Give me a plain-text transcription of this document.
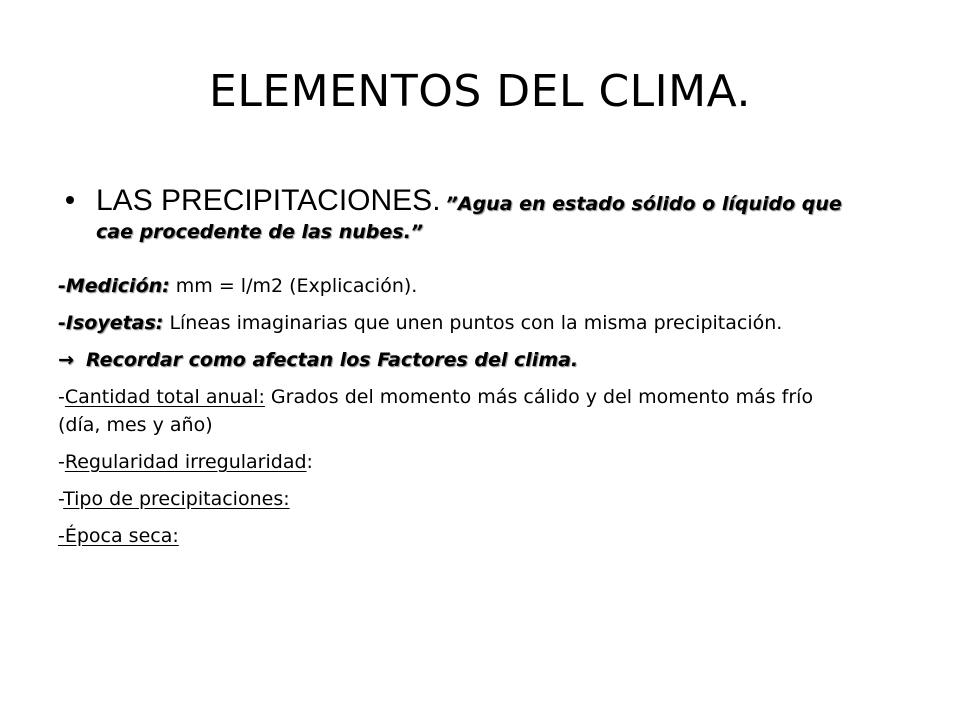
ELEMENTOS DEL CLIMA.
LAS PRECIPITACIONES. ”Agua en estado sólido o líquido que cae procedente de las nubes.”
-Medición: mm = l/m2 (Explicación).
-Isoyetas: Líneas imaginarias que unen puntos con la misma precipitación.
→ Recordar como afectan los Factores del clima.
-Cantidad total anual: Grados del momento más cálido y del momento más frío (día, mes y año)
-Regularidad irregularidad:
-Tipo de precipitaciones:
-Época seca:
